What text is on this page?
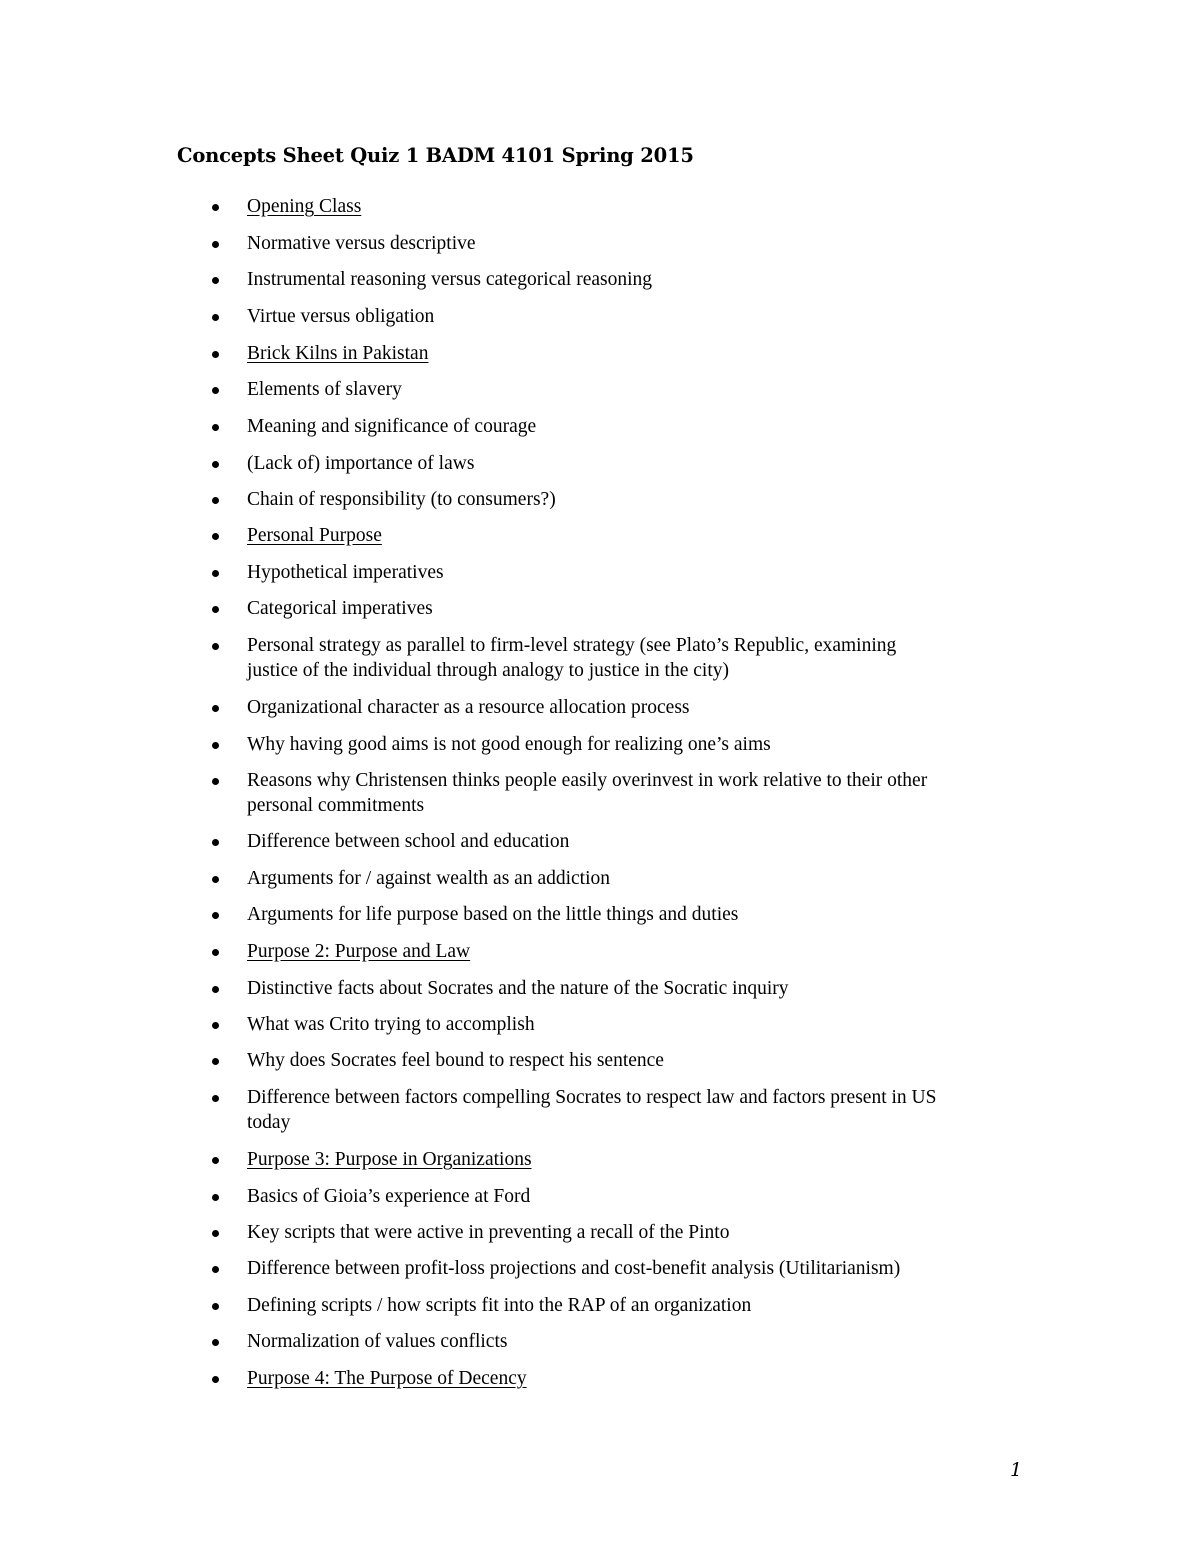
Concepts Sheet Quiz 1 BADM 4101 Spring 2015
Opening Class
Normative versus descriptive
Instrumental reasoning versus categorical reasoning
Virtue versus obligation
Brick Kilns in Pakistan
Elements of slavery
Meaning and significance of courage
(Lack of) importance of laws
Chain of responsibility (to consumers?)
Personal Purpose
Hypothetical imperatives
Categorical imperatives
Personal strategy as parallel to firm-level strategy (see Plato’s Republic, examining
justice of the individual through analogy to justice in the city)
Organizational character as a resource allocation process
Why having good aims is not good enough for realizing one’s aims
Reasons why Christensen thinks people easily overinvest in work relative to their other
personal commitments
Difference between school and education
Arguments for / against wealth as an addiction
Arguments for life purpose based on the little things and duties
Purpose 2: Purpose and Law
Distinctive facts about Socrates and the nature of the Socratic inquiry
What was Crito trying to accomplish
Why does Socrates feel bound to respect his sentence
Difference between factors compelling Socrates to respect law and factors present in US
today
Purpose 3: Purpose in Organizations
Basics of Gioia’s experience at Ford
Key scripts that were active in preventing a recall of the Pinto
Difference between profit-loss projections and cost-benefit analysis (Utilitarianism)
Defining scripts / how scripts fit into the RAP of an organization
Normalization of values conflicts
Purpose 4: The Purpose of Decency
1
